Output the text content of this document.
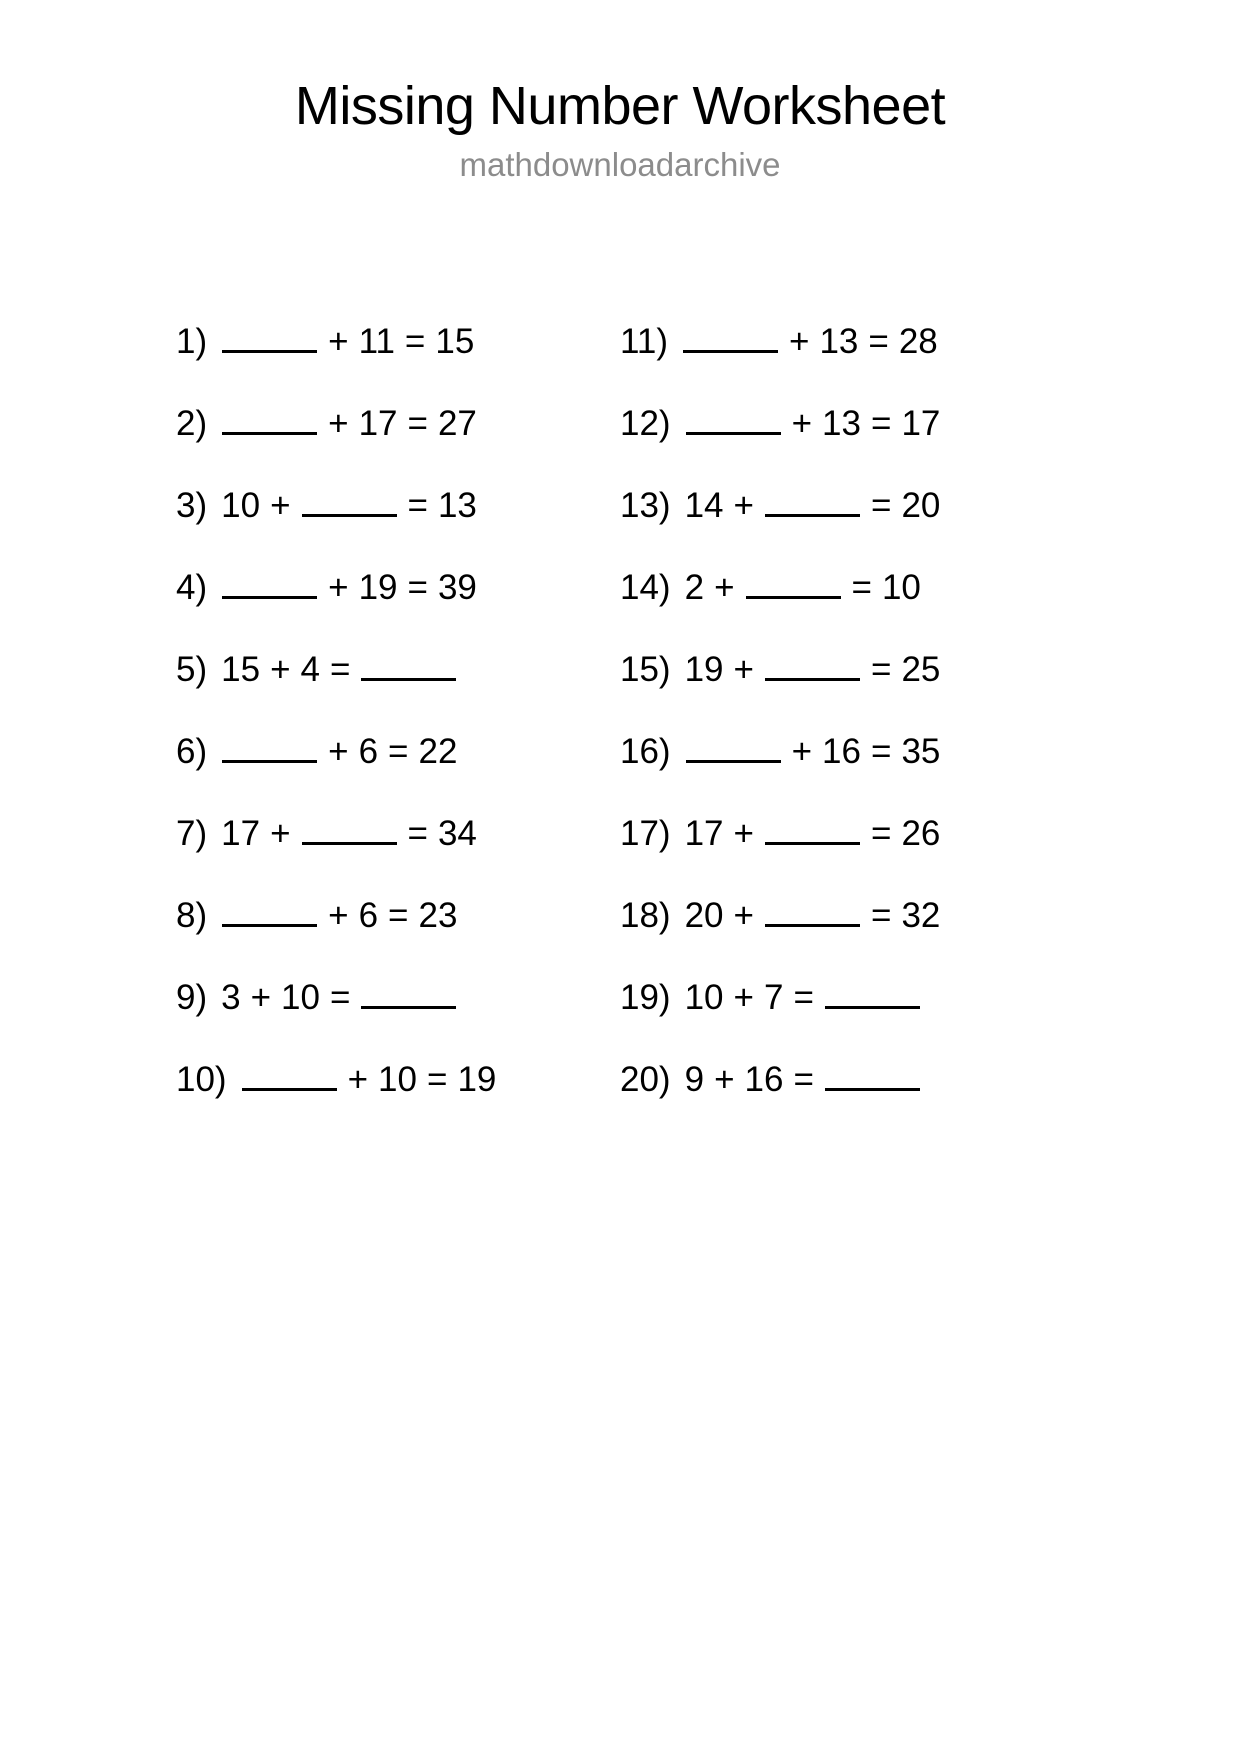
Missing Number Worksheet
mathdownloadarchive
1)	+ 11 = 15
2)	+ 17 = 27
3) 10 +	= 13
4)	+ 19 = 39
5) 15 + 4 =
6)	+ 6 = 22
7) 17 +	= 34
8)	+ 6 = 23
9) 3 + 10 =
10)	+ 10 = 19
11)	+ 13 = 28
12)	+ 13 = 17
13) 14 +	= 20
14) 2 +	= 10
15) 19 +	= 25
16)	+ 16 = 35
17) 17 +	= 26
18) 20 +	= 32
19) 10 + 7 =
20) 9 + 16 =
